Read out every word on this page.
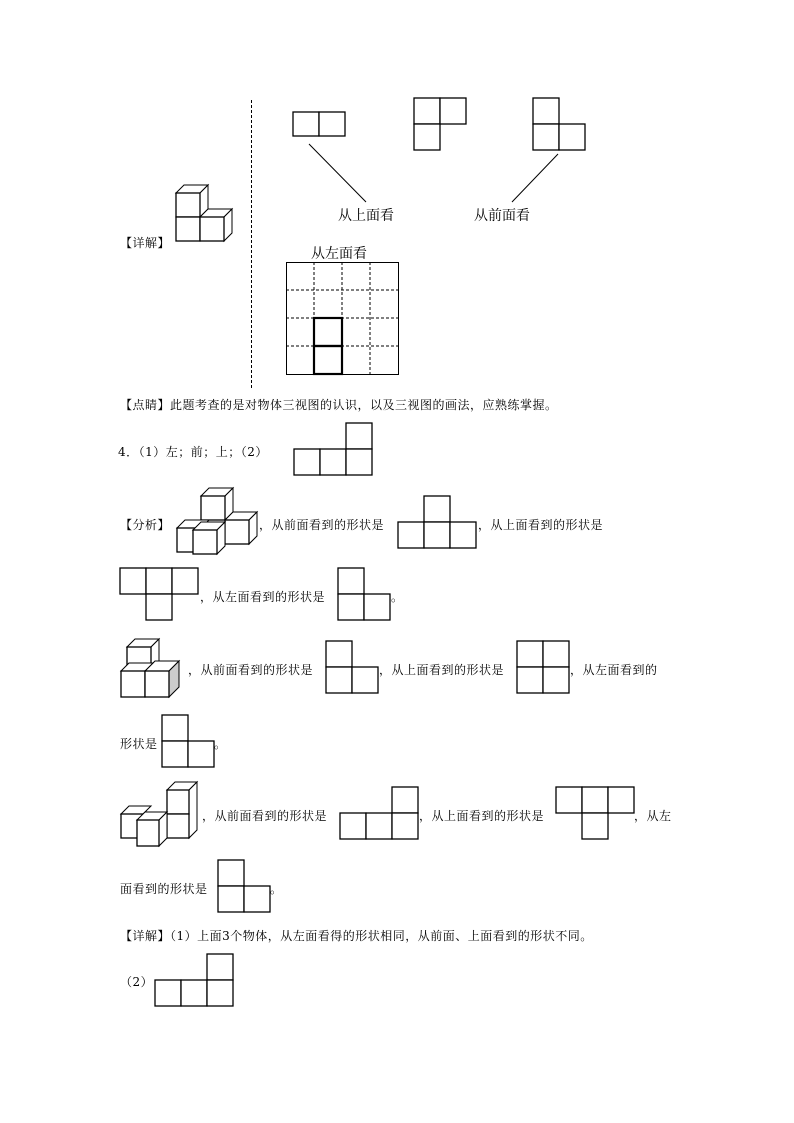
【详解】
从上面看	从前面看
从左面看
【点睛】此题考查的是对物体三视图的认识，以及三视图的画法，应熟练掌握。
4．（1）左；前；上；（2）
【分析】	，从前面看到的形状是	，从上面看到的形状是
，从左面看到的形状是	。
，从前面看到的形状是	，从上面看到的形状是	，从左面看到的
形状是	。
，从前面看到的形状是	，从上面看到的形状是	，从左
面看到的形状是	。
【详解】（1）上面3个物体，从左面看得的形状相同，从前面、上面看到的形状不同。
（2）
